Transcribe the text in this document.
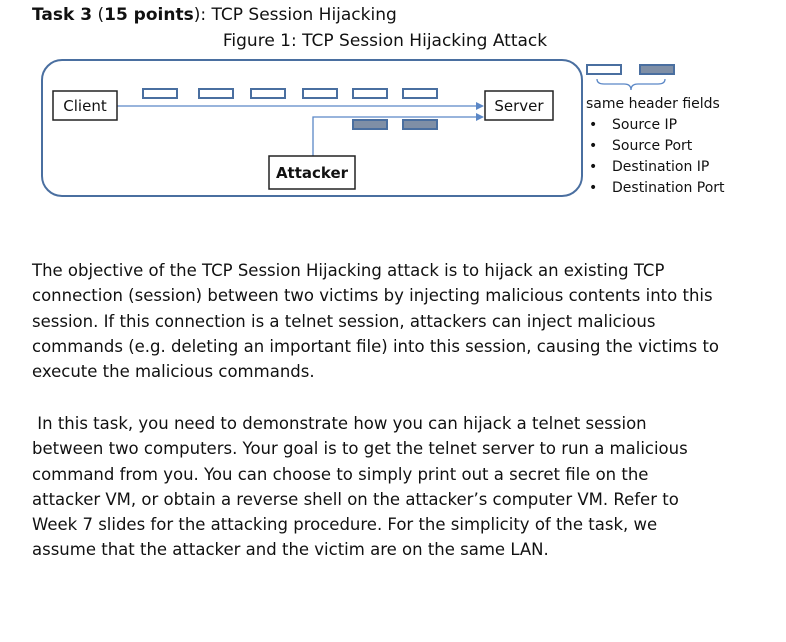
Task 3 (15 points): TCP Session Hijacking
Figure 1: TCP Session Hijacking Attack
Client	Server
Attacker
same header fields
• Source IP
• Source Port
• Destination IP
• Destination Port

The objective of the TCP Session Hijacking attack is to hijack an existing TCP
connection (session) between two victims by injecting malicious contents into this
session. If this connection is a telnet session, attackers can inject malicious
commands (e.g. deleting an important file) into this session, causing the victims to
execute the malicious commands.

In this task, you need to demonstrate how you can hijack a telnet session
between two computers. Your goal is to get the telnet server to run a malicious
command from you. You can choose to simply print out a secret file on the
attacker VM, or obtain a reverse shell on the attacker’s computer VM. Refer to
Week 7 slides for the attacking procedure. For the simplicity of the task, we
assume that the attacker and the victim are on the same LAN.
